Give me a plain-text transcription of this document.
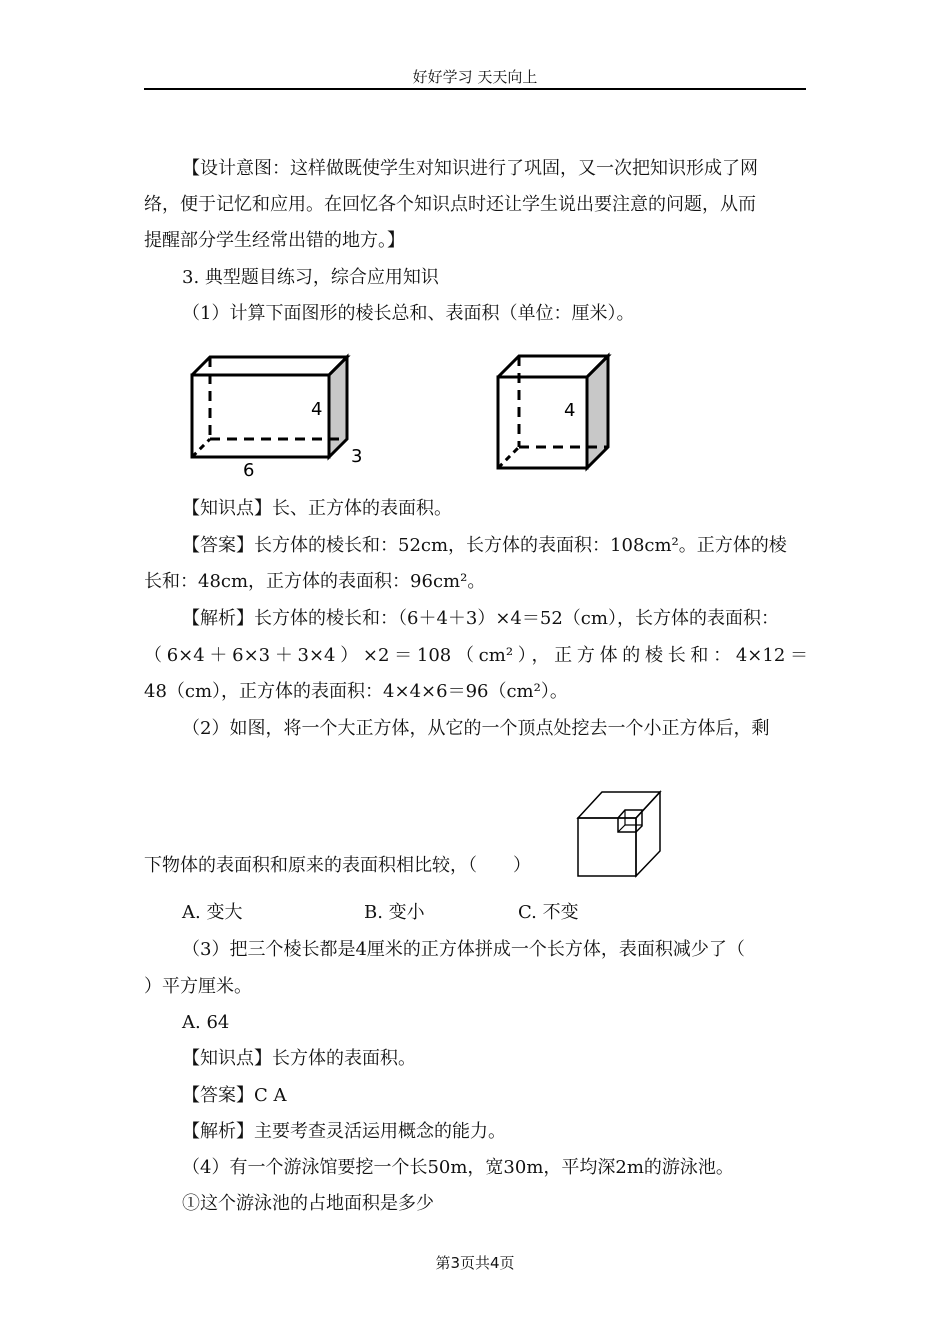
好好学习 天天向上
【设计意图：这样做既使学生对知识进行了巩固，又一次把知识形成了网
络，便于记忆和应用。在回忆各个知识点时还让学生说出要注意的问题，从而
提醒部分学生经常出错的地方。】
3. 典型题目练习，综合应用知识
（1）计算下面图形的棱长总和、表面积（单位：厘米）。
4
3
6
4
【知识点】长、正方体的表面积。
【答案】长方体的棱长和：52cm，长方体的表面积：108cm²。正方体的棱
长和：48cm，正方体的表面积：96cm²。
【解析】长方体的棱长和：（6＋4＋3）×4＝52（cm），长方体的表面积：
（6×4＋6×3＋3×4）×2＝108（cm²），正方体的棱长和：4×12＝
48（cm），正方体的表面积：4×4×6＝96（cm²）。
（2）如图，将一个大正方体，从它的一个顶点处挖去一个小正方体后，剩
下物体的表面积和原来的表面积相比较，（　　）
A. 变大	B. 变小	C. 不变
（3）把三个棱长都是4厘米的正方体拼成一个长方体，表面积减少了（
）平方厘米。
A. 64
【知识点】长方体的表面积。
【答案】C A
【解析】主要考查灵活运用概念的能力。
（4）有一个游泳馆要挖一个长50m，宽30m，平均深2m的游泳池。
①这个游泳池的占地面积是多少
第3页共4页
